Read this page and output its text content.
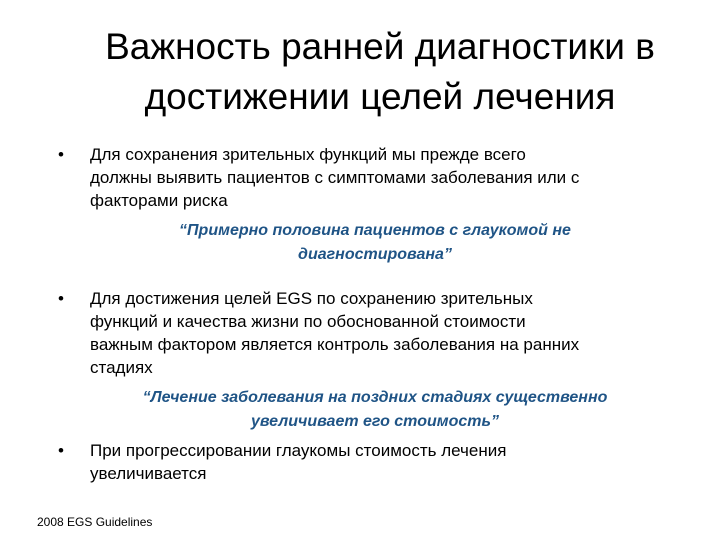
Важность ранней диагностики в
достижении целей лечения
• Для сохранения зрительных функций мы прежде всего
должны выявить пациентов с симптомами заболевания или с
факторами риска
“Примерно половина пациентов с глаукомой не
диагностирована”
• Для достижения целей EGS по сохранению зрительных
функций и качества жизни по обоснованной стоимости
важным фактором является контроль заболевания на ранних
стадиях
“Лечение заболевания на поздних стадиях существенно
увеличивает его стоимость”
• При прогрессировании глаукомы стоимость лечения
увеличивается
2008 EGS Guidelines
